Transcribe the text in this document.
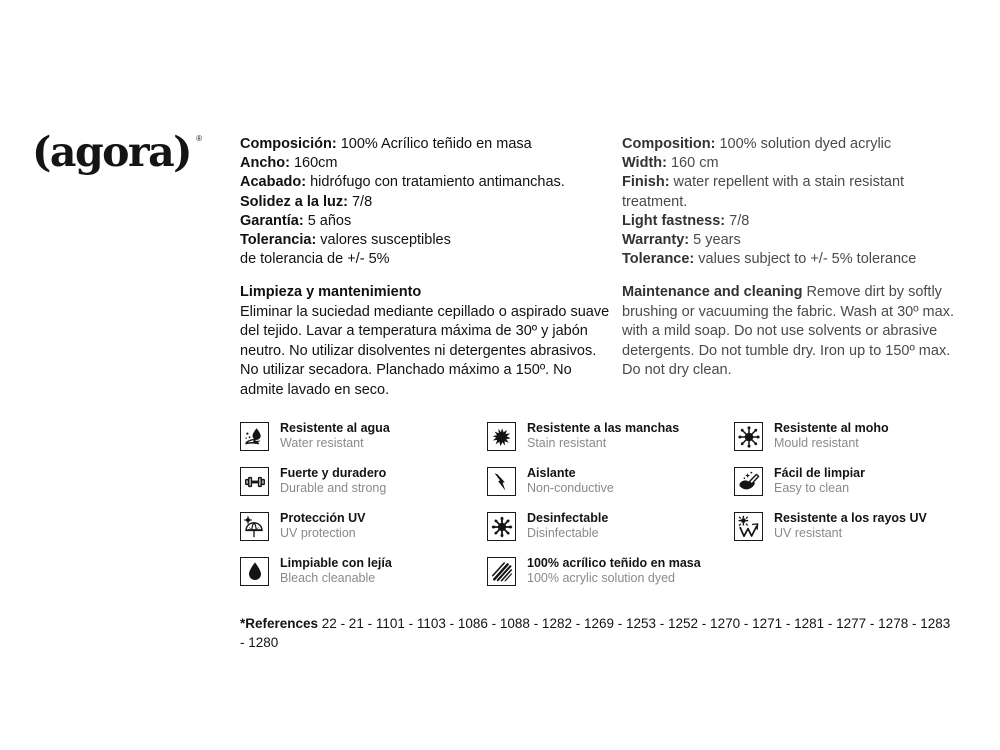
(agora) ®	Composición: 100% Acrílico teñido en masa
Ancho: 160cm
Acabado: hidrófugo con tratamiento antimanchas.
Solidez a la luz: 7/8
Garantía: 5 años
Tolerancia: valores susceptibles
de tolerancia de +/- 5%
Composition: 100% solution dyed acrylic
Width: 160 cm
Finish: water repellent with a stain resistant
treatment.
Light fastness: 7/8
Warranty: 5 years
Tolerance: values subject to +/- 5% tolerance
Limpieza y mantenimiento
Eliminar la suciedad mediante cepillado o aspirado suave del tejido. Lavar a temperatura máxima de 30º y jabón neutro. No utilizar disolventes ni detergentes abrasivos. No utilizar secadora. Planchado máximo a 150º. No admite lavado en seco.
Maintenance and cleaning Remove dirt by softly brushing or vacuuming the fabric. Wash at 30º max. with a mild soap. Do not use solvents or abrasive detergents. Do not tumble dry. Iron up to 150º max. Do not dry clean.
Resistente al agua
Water resistant
Fuerte y duradero
Durable and strong
Protección UV
UV protection
Limpiable con lejía
Bleach cleanable
Resistente a las manchas
Stain resistant
Aislante
Non-conductive
Desinfectable
Disinfectable
100% acrílico teñido en masa
100% acrylic solution dyed
Resistente al moho
Mould resistant
Fácil de limpiar
Easy to clean
Resistente a los rayos UV
UV resistant
*References 22 - 21 - 1101 - 1103 - 1086 - 1088 - 1282 - 1269 - 1253 - 1252 - 1270 - 1271 - 1281 - 1277 - 1278 - 1283 - 1280
